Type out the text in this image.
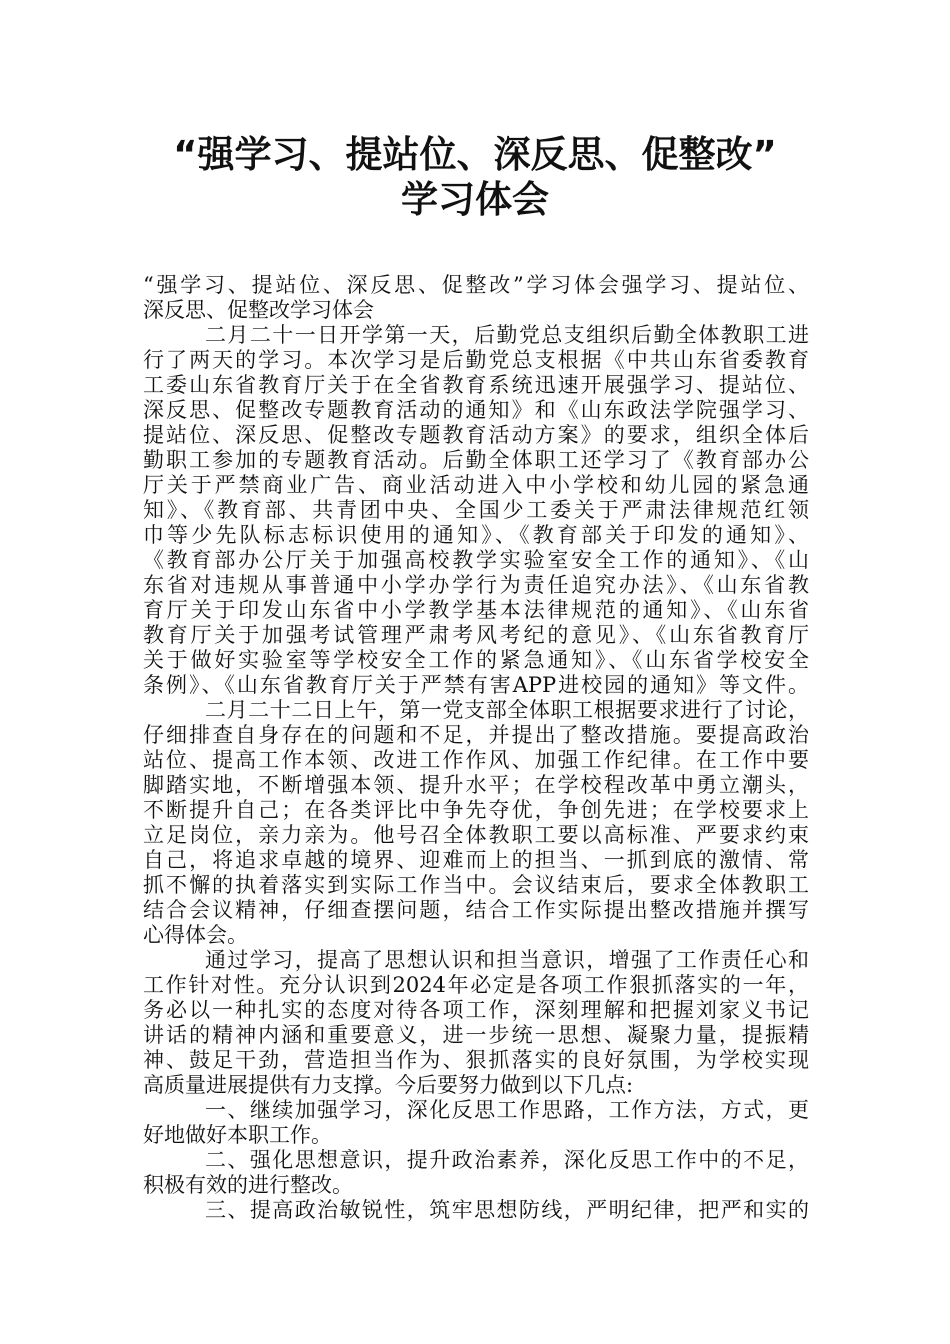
“强学习、提站位、深反思、促整改”
学习体会
“强学习、提站位、深反思、促整改”学习体会强学习、提站位、
深反思、促整改学习体会
二月二十一日开学第一天，后勤党总支组织后勤全体教职工进
行了两天的学习。本次学习是后勤党总支根据《中共山东省委教育
工委山东省教育厅关于在全省教育系统迅速开展强学习、提站位、
深反思、促整改专题教育活动的通知》和《山东政法学院强学习、
提站位、深反思、促整改专题教育活动方案》的要求，组织全体后
勤职工参加的专题教育活动。后勤全体职工还学习了《教育部办公
厅关于严禁商业广告、商业活动进入中小学校和幼儿园的紧急通
知》、《教育部、共青团中央、全国少工委关于严肃法律规范红领
巾等少先队标志标识使用的通知》、《教育部关于印发的通知》、
《教育部办公厅关于加强高校教学实验室安全工作的通知》、《山
东省对违规从事普通中小学办学行为责任追究办法》、《山东省教
育厅关于印发山东省中小学教学基本法律规范的通知》、《山东省
教育厅关于加强考试管理严肃考风考纪的意见》、《山东省教育厅
关于做好实验室等学校安全工作的紧急通知》、《山东省学校安全
条例》、《山东省教育厅关于严禁有害APP进校园的通知》等文件。
二月二十二日上午，第一党支部全体职工根据要求进行了讨论，
仔细排查自身存在的问题和不足，并提出了整改措施。要提高政治
站位、提高工作本领、改进工作作风、加强工作纪律。在工作中要
脚踏实地，不断增强本领、提升水平；在学校程改革中勇立潮头，
不断提升自己；在各类评比中争先夺优，争创先进；在学校要求上
立足岗位，亲力亲为。他号召全体教职工要以高标准、严要求约束
自己，将追求卓越的境界、迎难而上的担当、一抓到底的激情、常
抓不懈的执着落实到实际工作当中。会议结束后，要求全体教职工
结合会议精神，仔细查摆问题，结合工作实际提出整改措施并撰写
心得体会。
通过学习，提高了思想认识和担当意识，增强了工作责任心和
工作针对性。充分认识到2024年必定是各项工作狠抓落实的一年，
务必以一种扎实的态度对待各项工作，深刻理解和把握刘家义书记
讲话的精神内涵和重要意义，进一步统一思想、凝聚力量，提振精
神、鼓足干劲，营造担当作为、狠抓落实的良好氛围，为学校实现
高质量进展提供有力支撑。今后要努力做到以下几点:
一、继续加强学习，深化反思工作思路，工作方法，方式，更
好地做好本职工作。
二、强化思想意识，提升政治素养，深化反思工作中的不足，
积极有效的进行整改。
三、提高政治敏锐性，筑牢思想防线，严明纪律，把严和实的
